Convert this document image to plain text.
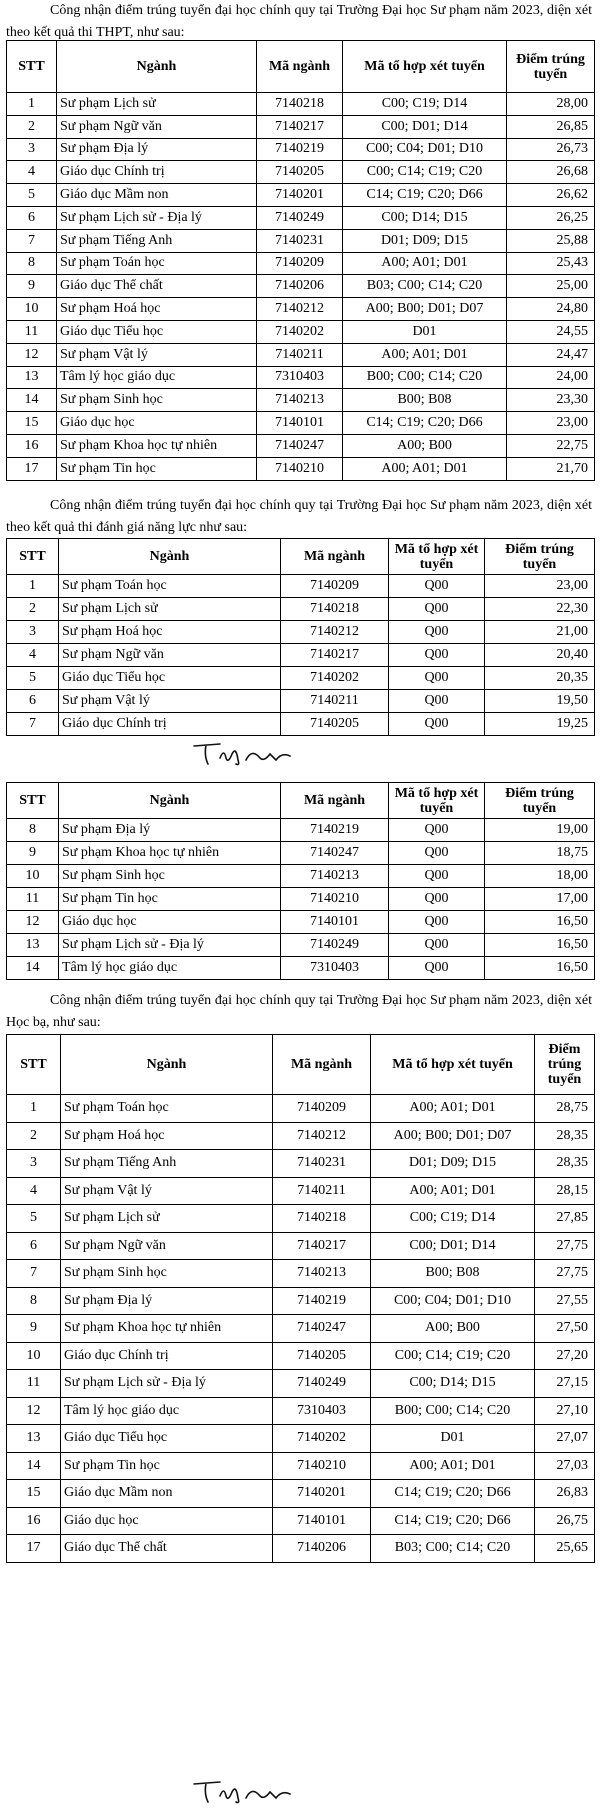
Công nhận điểm trúng tuyển đại học chính quy tại Trường Đại học Sư phạm năm 2023, diện xét theo kết quả thi THPT, như sau:

STT	Ngành	Mã ngành	Mã tổ hợp xét tuyển	Điểm trúng tuyển
1	Sư phạm Lịch sử	7140218	C00; C19; D14	28,00
2	Sư phạm Ngữ văn	7140217	C00; D01; D14	26,85
3	Sư phạm Địa lý	7140219	C00; C04; D01; D10	26,73
4	Giáo dục Chính trị	7140205	C00; C14; C19; C20	26,68
5	Giáo dục Mầm non	7140201	C14; C19; C20; D66	26,62
6	Sư phạm Lịch sử - Địa lý	7140249	C00; D14; D15	26,25
7	Sư phạm Tiếng Anh	7140231	D01; D09; D15	25,88
8	Sư phạm Toán học	7140209	A00; A01; D01	25,43
9	Giáo dục Thể chất	7140206	B03; C00; C14; C20	25,00
10	Sư phạm Hoá học	7140212	A00; B00; D01; D07	24,80
11	Giáo dục Tiểu học	7140202	D01	24,55
12	Sư phạm Vật lý	7140211	A00; A01; D01	24,47
13	Tâm lý học giáo dục	7310403	B00; C00; C14; C20	24,00
14	Sư phạm Sinh học	7140213	B00; B08	23,30
15	Giáo dục học	7140101	C14; C19; C20; D66	23,00
16	Sư phạm Khoa học tự nhiên	7140247	A00; B00	22,75
17	Sư phạm Tin học	7140210	A00; A01; D01	21,70

Công nhận điểm trúng tuyển đại học chính quy tại Trường Đại học Sư phạm năm 2023, diện xét theo kết quả thi đánh giá năng lực như sau:

STT	Ngành	Mã ngành	Mã tổ hợp xét tuyển	Điểm trúng tuyển
1	Sư phạm Toán học	7140209	Q00	23,00
2	Sư phạm Lịch sử	7140218	Q00	22,30
3	Sư phạm Hoá học	7140212	Q00	21,00
4	Sư phạm Ngữ văn	7140217	Q00	20,40
5	Giáo dục Tiểu học	7140202	Q00	20,35
6	Sư phạm Vật lý	7140211	Q00	19,50
7	Giáo dục Chính trị	7140205	Q00	19,25
STT	Ngành	Mã ngành	Mã tổ hợp xét tuyển	Điểm trúng tuyển
8	Sư phạm Địa lý	7140219	Q00	19,00
9	Sư phạm Khoa học tự nhiên	7140247	Q00	18,75
10	Sư phạm Sinh học	7140213	Q00	18,00
11	Sư phạm Tin học	7140210	Q00	17,00
12	Giáo dục học	7140101	Q00	16,50
13	Sư phạm Lịch sử - Địa lý	7140249	Q00	16,50
14	Tâm lý học giáo dục	7310403	Q00	16,50

Công nhận điểm trúng tuyển đại học chính quy tại Trường Đại học Sư phạm năm 2023, diện xét Học bạ, như sau:

STT	Ngành	Mã ngành	Mã tổ hợp xét tuyển	Điểm trúng tuyển
1	Sư phạm Toán học	7140209	A00; A01; D01	28,75
2	Sư phạm Hoá học	7140212	A00; B00; D01; D07	28,35
3	Sư phạm Tiếng Anh	7140231	D01; D09; D15	28,35
4	Sư phạm Vật lý	7140211	A00; A01; D01	28,15
5	Sư phạm Lịch sử	7140218	C00; C19; D14	27,85
6	Sư phạm Ngữ văn	7140217	C00; D01; D14	27,75
7	Sư phạm Sinh học	7140213	B00; B08	27,75
8	Sư phạm Địa lý	7140219	C00; C04; D01; D10	27,55
9	Sư phạm Khoa học tự nhiên	7140247	A00; B00	27,50
10	Giáo dục Chính trị	7140205	C00; C14; C19; C20	27,20
11	Sư phạm Lịch sử - Địa lý	7140249	C00; D14; D15	27,15
12	Tâm lý học giáo dục	7310403	B00; C00; C14; C20	27,10
13	Giáo dục Tiểu học	7140202	D01	27,07
14	Sư phạm Tin học	7140210	A00; A01; D01	27,03
15	Giáo dục Mầm non	7140201	C14; C19; C20; D66	26,83
16	Giáo dục học	7140101	C14; C19; C20; D66	26,75
17	Giáo dục Thể chất	7140206	B03; C00; C14; C20	25,65
